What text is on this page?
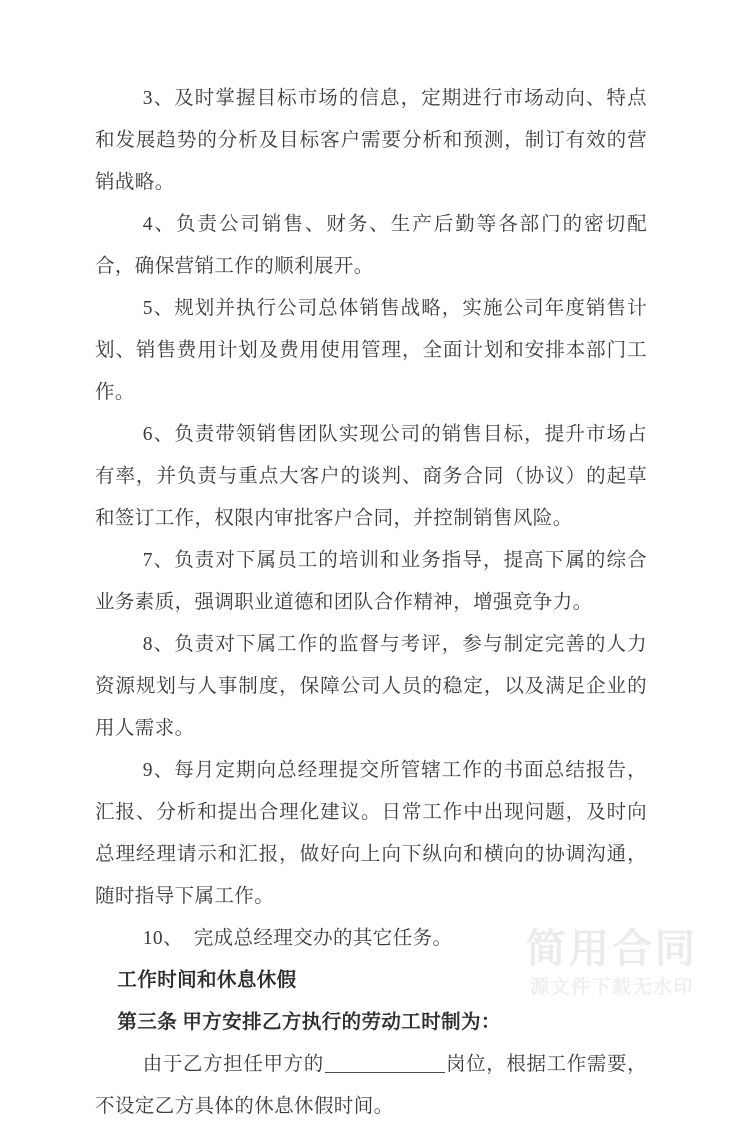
3、及时掌握目标市场的信息，定期进行市场动向、特点和发展趋势的分析及目标客户需要分析和预测，制订有效的营销战略。

4、负责公司销售、财务、生产后勤等各部门的密切配合，确保营销工作的顺利展开。

5、规划并执行公司总体销售战略，实施公司年度销售计划、销售费用计划及费用使用管理，全面计划和安排本部门工作。

6、负责带领销售团队实现公司的销售目标，提升市场占有率，并负责与重点大客户的谈判、商务合同（协议）的起草和签订工作，权限内审批客户合同，并控制销售风险。

7、负责对下属员工的培训和业务指导，提高下属的综合业务素质，强调职业道德和团队合作精神，增强竞争力。

8、负责对下属工作的监督与考评，参与制定完善的人力资源规划与人事制度，保障公司人员的稳定，以及满足企业的用人需求。

9、每月定期向总经理提交所管辖工作的书面总结报告，汇报、分析和提出合理化建议。日常工作中出现问题，及时向总理经理请示和汇报，做好向上向下纵向和横向的协调沟通，随时指导下属工作。

10、 完成总经理交办的其它任务。

工作时间和休息休假

第三条 甲方安排乙方执行的劳动工时制为：

由于乙方担任甲方的	岗位，根据工作需要，不设定乙方具体的休息休假时间。

简用合同
源文件下载无水印
